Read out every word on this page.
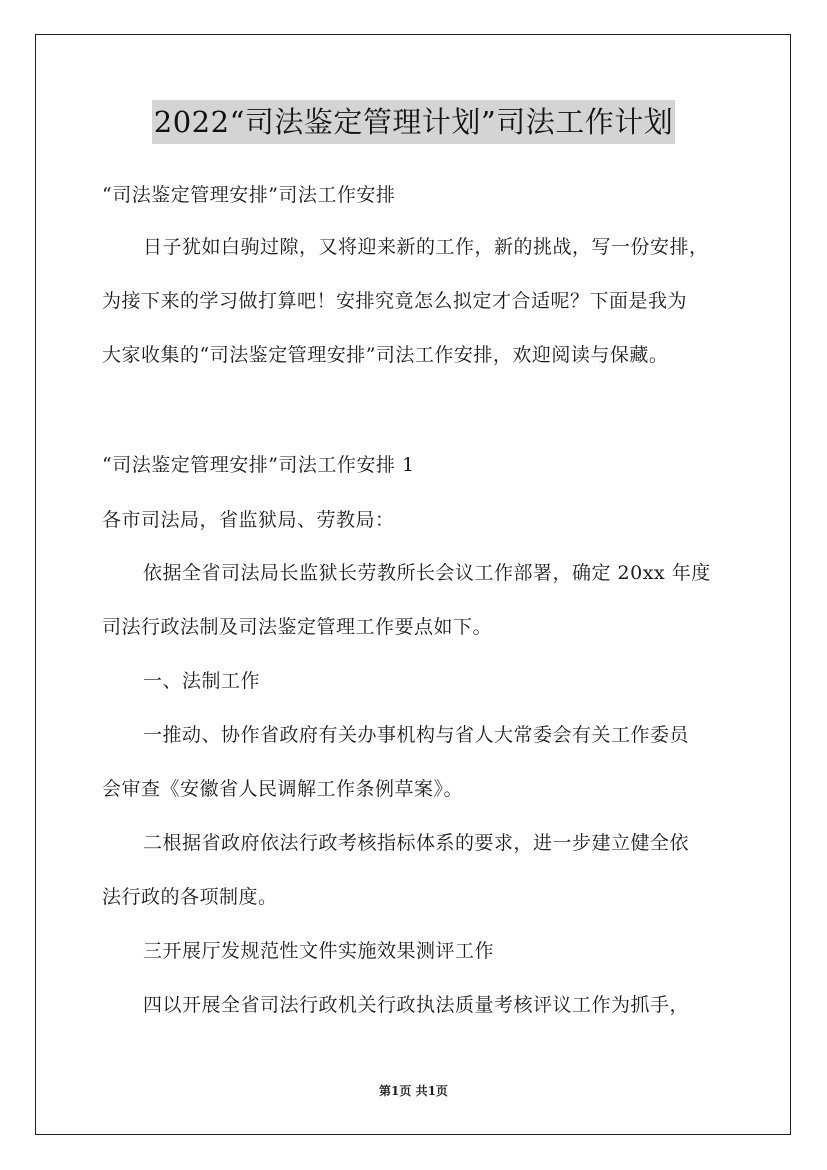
2022“司法鉴定管理计划”司法工作计划
“司法鉴定管理安排”司法工作安排
日子犹如白驹过隙，又将迎来新的工作，新的挑战，写一份安排，
为接下来的学习做打算吧！安排究竟怎么拟定才合适呢？下面是我为
大家收集的“司法鉴定管理安排”司法工作安排，欢迎阅读与保藏。
“司法鉴定管理安排”司法工作安排 1
各市司法局，省监狱局、劳教局：
依据全省司法局长监狱长劳教所长会议工作部署，确定 20xx 年度
司法行政法制及司法鉴定管理工作要点如下。
一、法制工作
一推动、协作省政府有关办事机构与省人大常委会有关工作委员
会审查《安徽省人民调解工作条例草案》。
二根据省政府依法行政考核指标体系的要求，进一步建立健全依
法行政的各项制度。
三开展厅发规范性文件实施效果测评工作
四以开展全省司法行政机关行政执法质量考核评议工作为抓手，
第1页 共1页
